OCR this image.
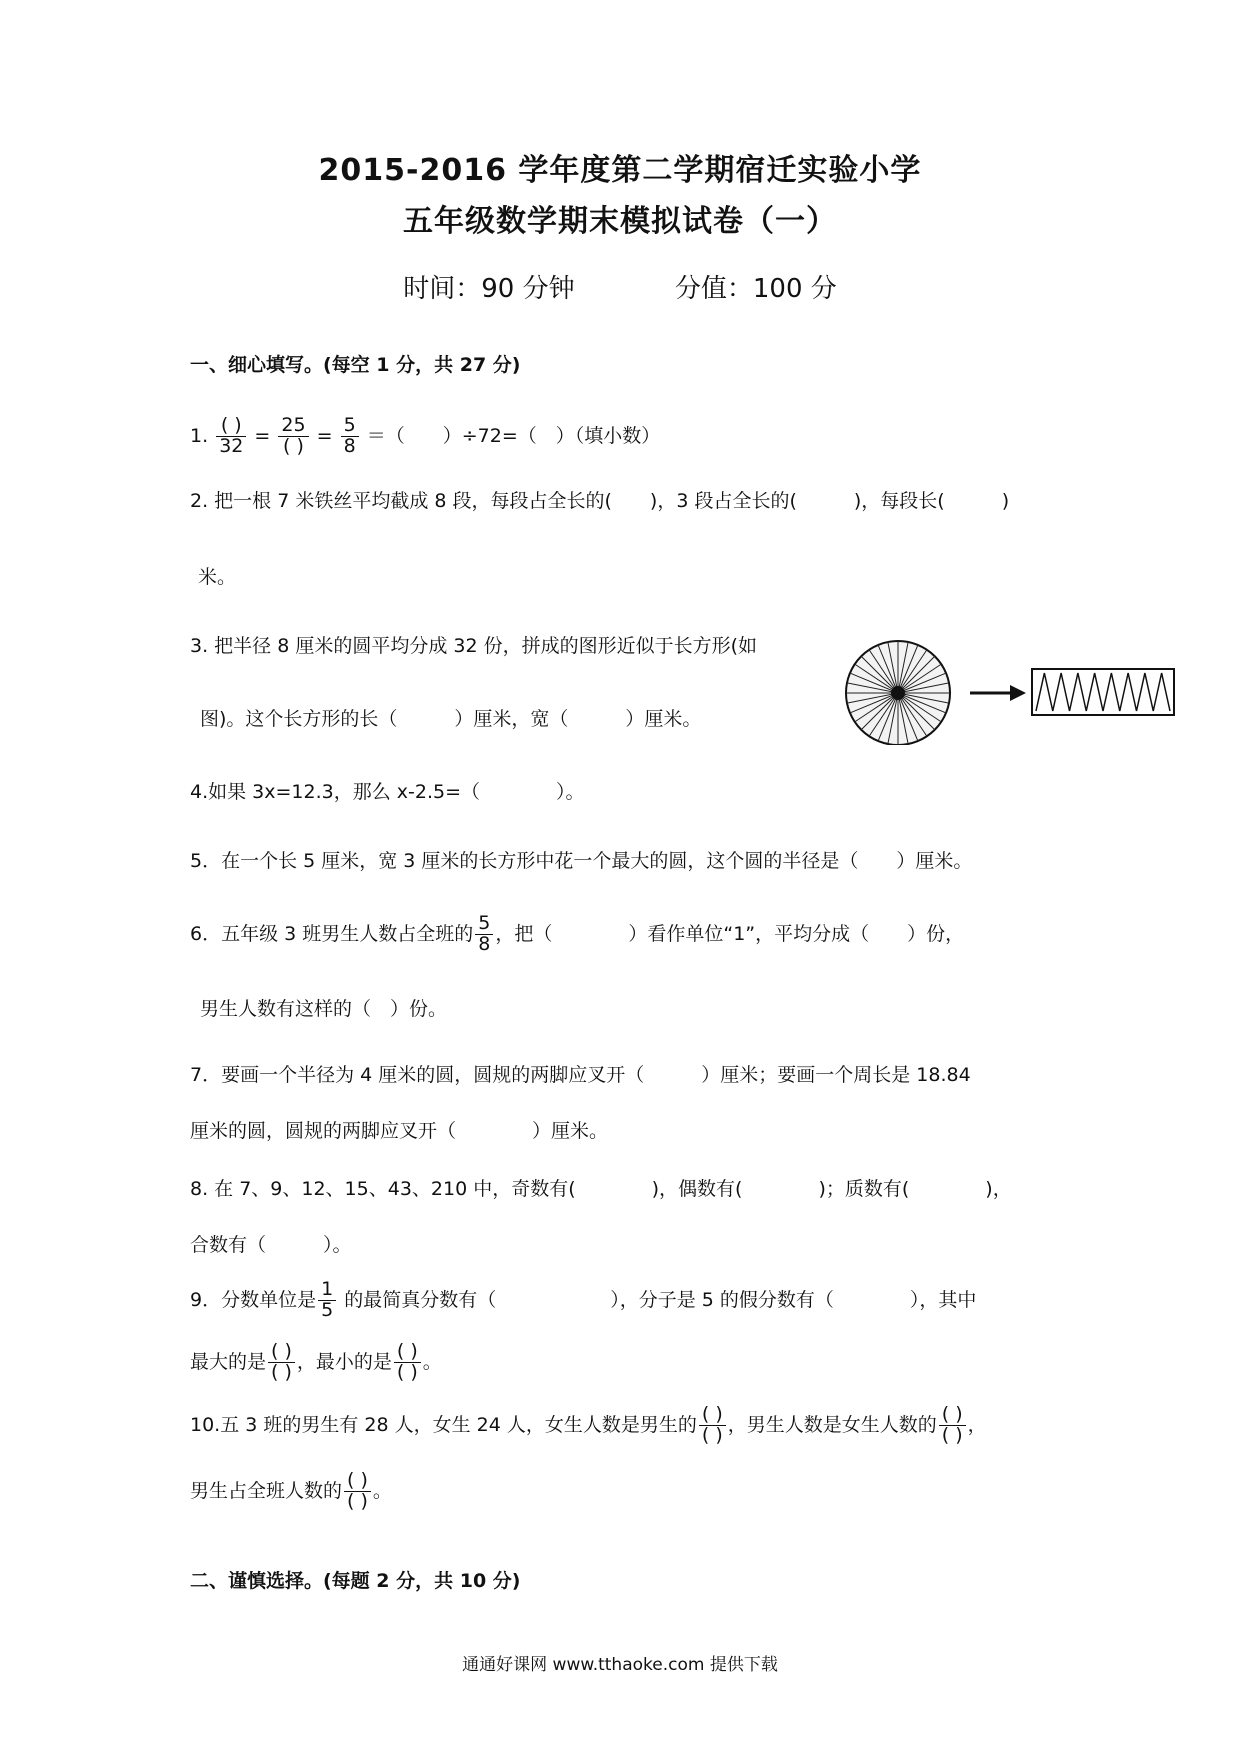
2015-2016 学年度第二学期宿迁实验小学
五年级数学期末模拟试卷（一）
时间：90 分钟	分值：100 分
一、细心填写。(每空 1 分，共 27 分)
1. $\frac{( )}{32} = \frac{25}{( )} = \frac{5}{8}$ ＝（　　）÷72=（　）（填小数）
2. 把一根 7 米铁丝平均截成 8 段，每段占全长的(　　)，3 段占全长的(　　　)，每段长(　　　)
米。
3. 把半径 8 厘米的圆平均分成 32 份，拼成的图形近似于长方形(如
图)。这个长方形的长（　　　）厘米，宽（　　　）厘米。
4.如果 3x=12.3，那么 x-2.5=（　　　　）。
5．在一个长 5 厘米，宽 3 厘米的长方形中花一个最大的圆，这个圆的半径是（　　）厘米。
6．五年级 3 班男生人数占全班的 $\frac{5}{8}$ ，把（　　　　）看作单位“1”，平均分成（　　）份，
男生人数有这样的（　）份。
7．要画一个半径为 4 厘米的圆，圆规的两脚应叉开（　　　）厘米；要画一个周长是 18.84
厘米的圆，圆规的两脚应叉开（　　　　）厘米。
8. 在 7、9、12、15、43、210 中，奇数有(　　　　)，偶数有(　　　　)；质数有(　　　　)，
合数有（　　　）。
9．分数单位是 $\frac{1}{5}$ 的最简真分数有（　　　　　　），分子是 5 的假分数有（　　　　），其中
最大的是 $\frac{( )}{( )}$ ，最小的是 $\frac{( )}{( )}$ 。
10.五 3 班的男生有 28 人，女生 24 人，女生人数是男生的 $\frac{( )}{( )}$ ，男生人数是女生人数的 $\frac{( )}{( )}$ ，
男生占全班人数的 $\frac{( )}{( )}$ 。
二、谨慎选择。(每题 2 分，共 10 分)
通通好课网 www.tthaoke.com 提供下载
